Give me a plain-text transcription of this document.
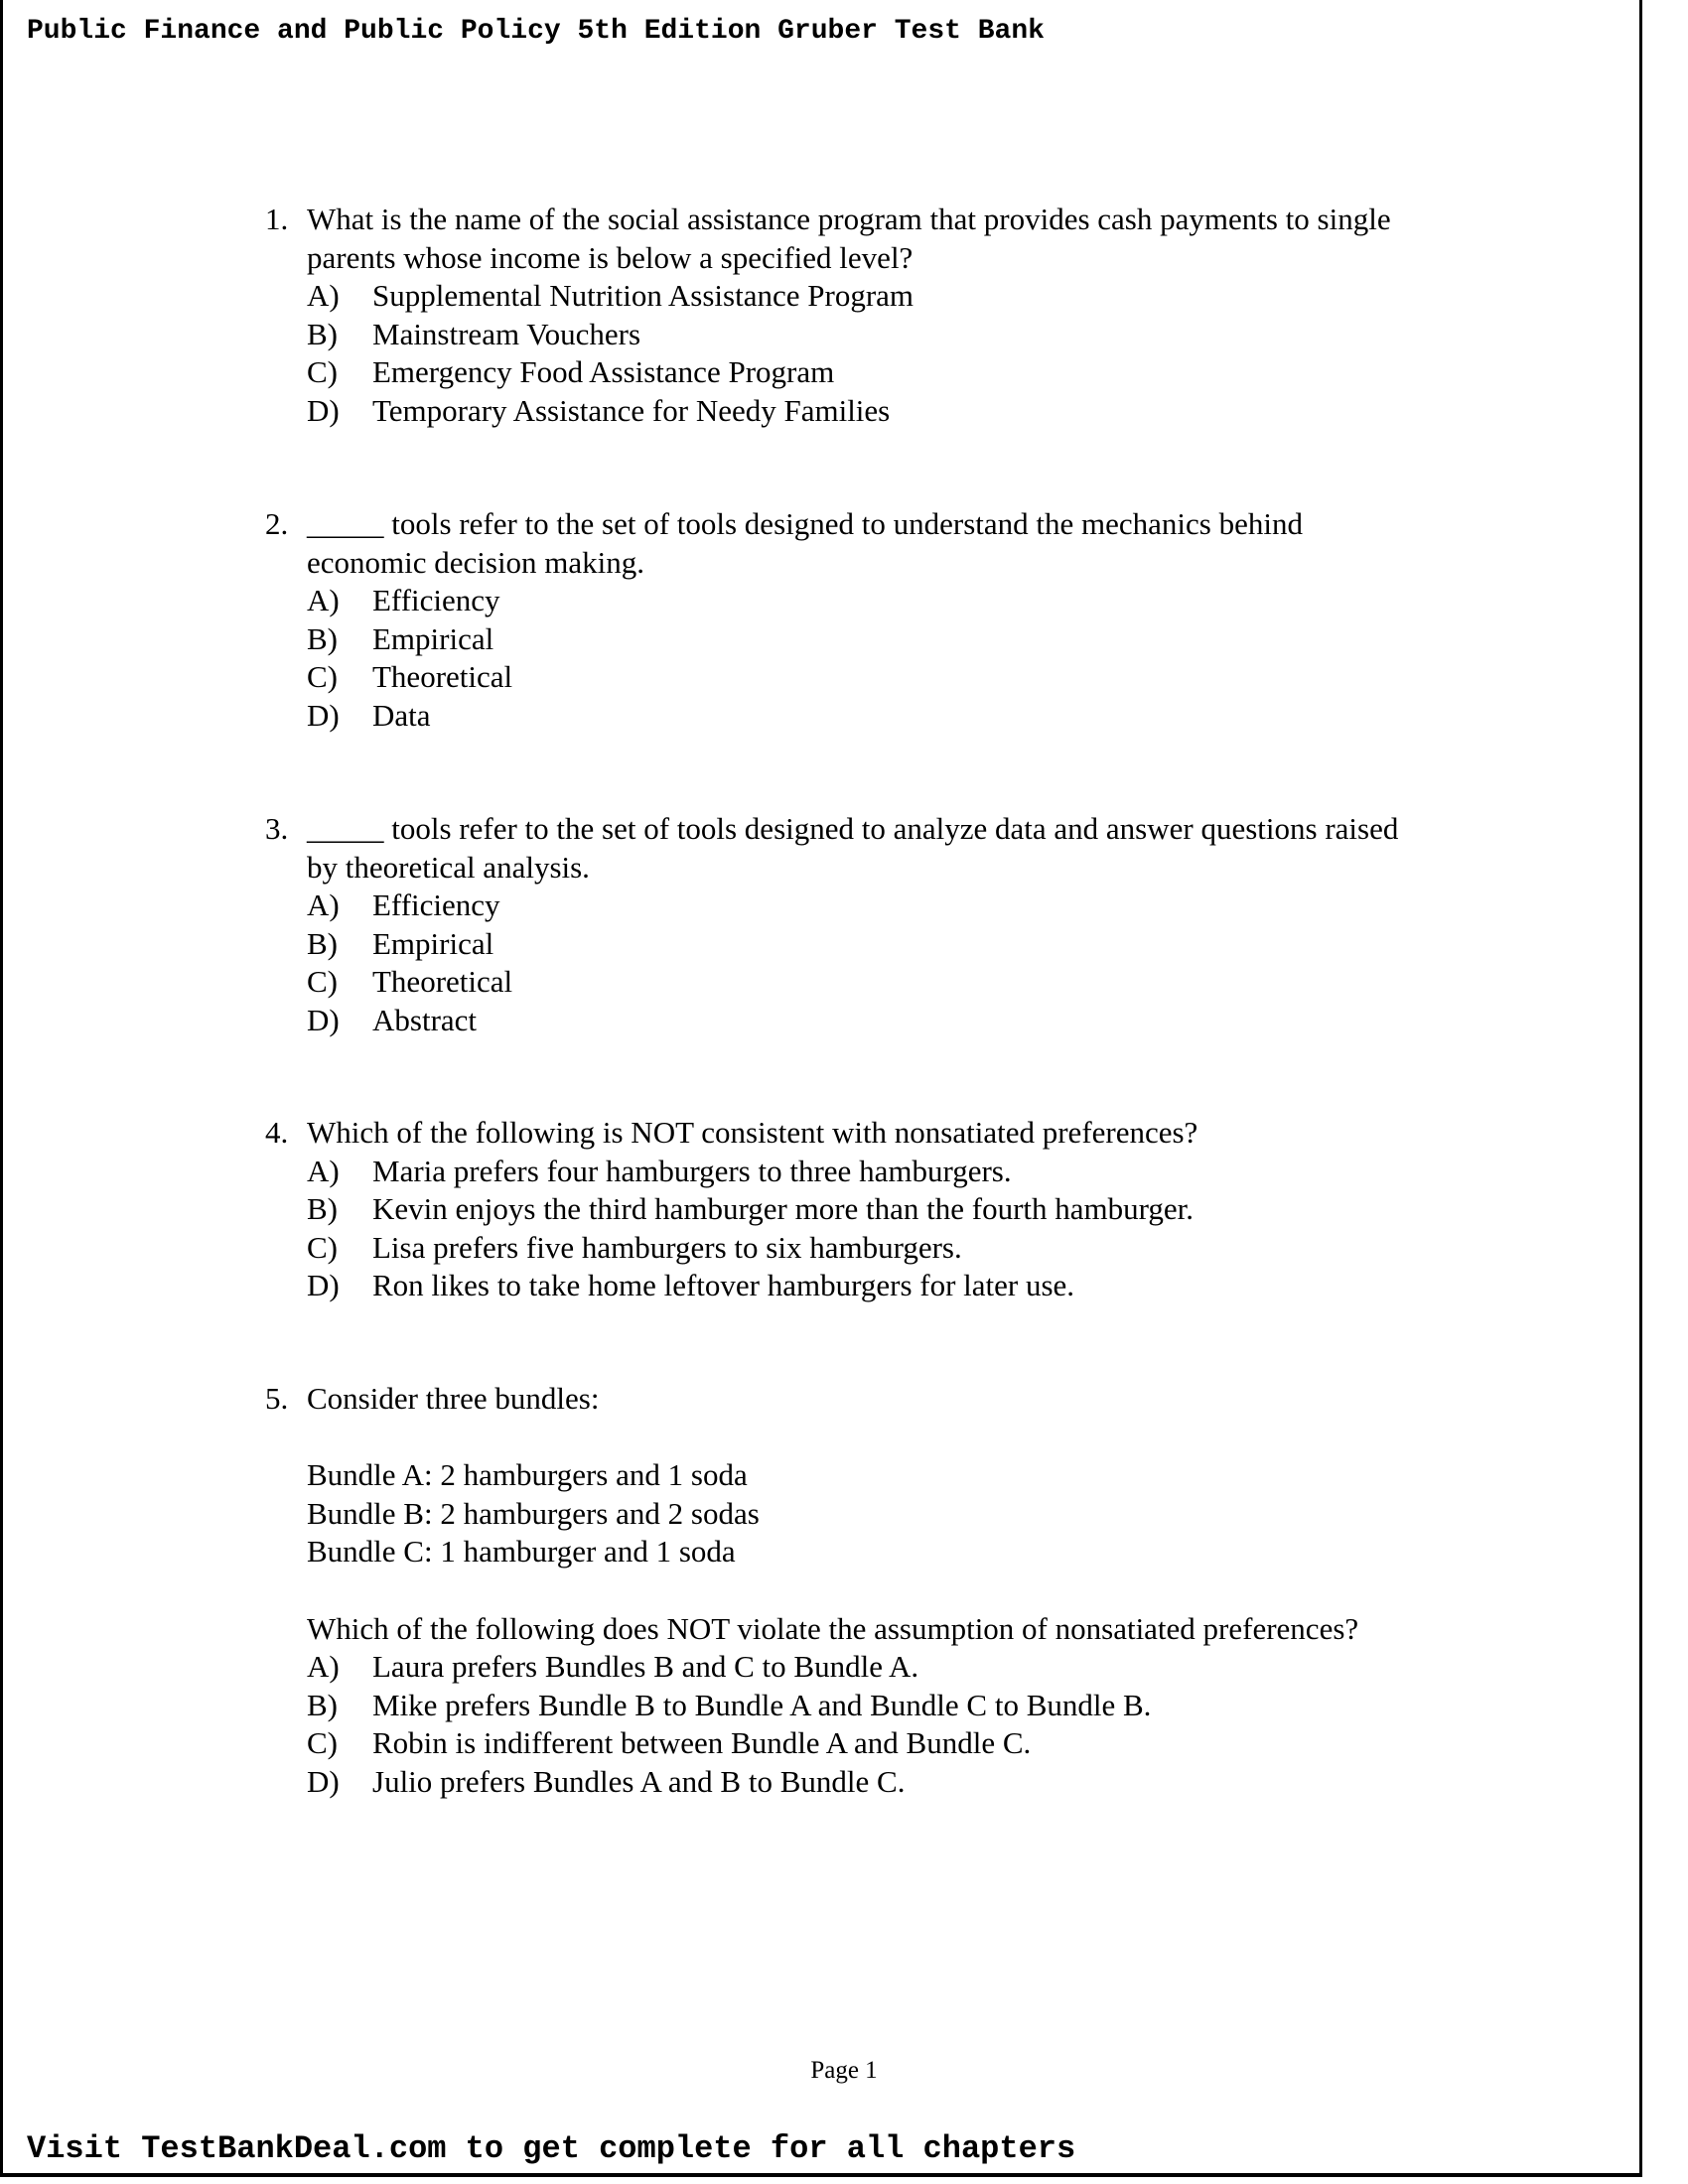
Public Finance and Public Policy 5th Edition Gruber Test Bank
1. What is the name of the social assistance program that provides cash payments to single
parents whose income is below a specified level?
A)	Supplemental Nutrition Assistance Program
B)	Mainstream Vouchers
C)	Emergency Food Assistance Program
D)	Temporary Assistance for Needy Families
2. _____ tools refer to the set of tools designed to understand the mechanics behind
economic decision making.
A)	Efficiency
B)	Empirical
C)	Theoretical
D)	Data
3. _____ tools refer to the set of tools designed to analyze data and answer questions raised
by theoretical analysis.
A)	Efficiency
B)	Empirical
C)	Theoretical
D)	Abstract
4. Which of the following is NOT consistent with nonsatiated preferences?
A)	Maria prefers four hamburgers to three hamburgers.
B)	Kevin enjoys the third hamburger more than the fourth hamburger.
C)	Lisa prefers five hamburgers to six hamburgers.
D)	Ron likes to take home leftover hamburgers for later use.
5. Consider three bundles:
Bundle A: 2 hamburgers and 1 soda
Bundle B: 2 hamburgers and 2 sodas
Bundle C: 1 hamburger and 1 soda
Which of the following does NOT violate the assumption of nonsatiated preferences?
A)	Laura prefers Bundles B and C to Bundle A.
B)	Mike prefers Bundle B to Bundle A and Bundle C to Bundle B.
C)	Robin is indifferent between Bundle A and Bundle C.
D)	Julio prefers Bundles A and B to Bundle C.
Page 1
Visit TestBankDeal.com to get complete for all chapters
